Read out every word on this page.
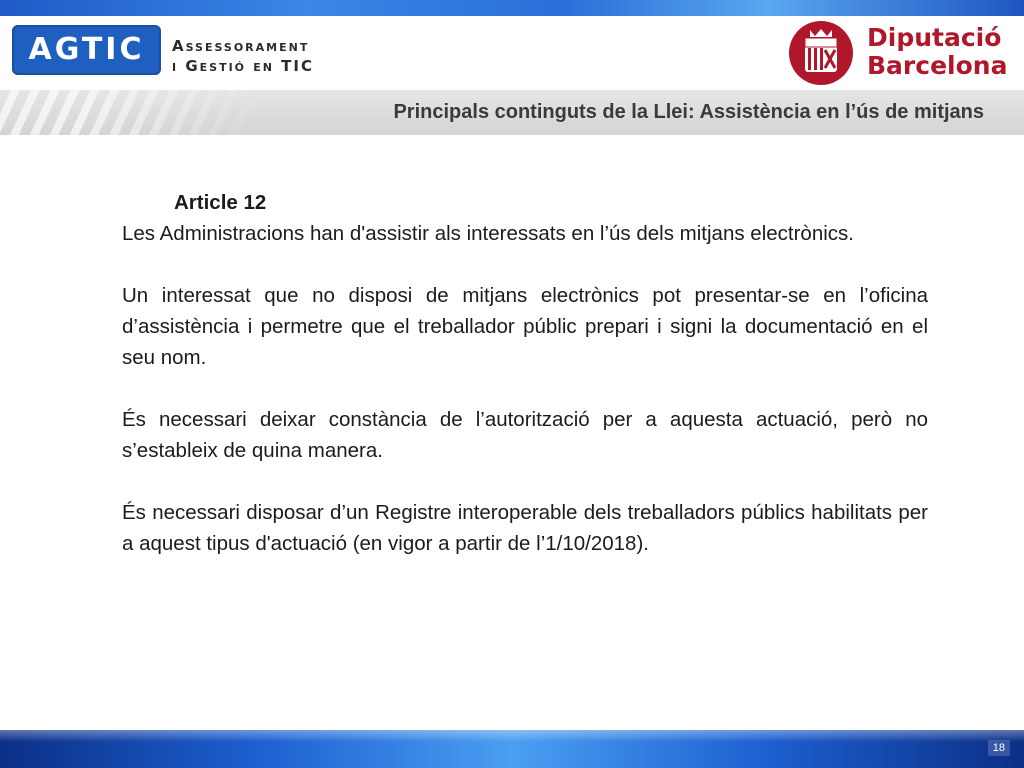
AGTIC	Assessorament
i Gestió en TIC
Diputació
Barcelona
Principals continguts de la Llei: Assistència en l’ús de mitjans
Article 12

Les Administracions han d'assistir als interessats en l’ús dels mitjans electrònics.

Un interessat que no disposi de mitjans electrònics pot presentar-se en l’oficina d’assistència i permetre que el treballador públic prepari i signi la documentació en el seu nom.

És necessari deixar constància de l’autorització per a aquesta actuació, però no s’estableix de quina manera.

És necessari disposar d’un Registre interoperable dels treballadors públics habilitats per a aquest tipus d'actuació (en vigor a partir de l’1/10/2018).

18
